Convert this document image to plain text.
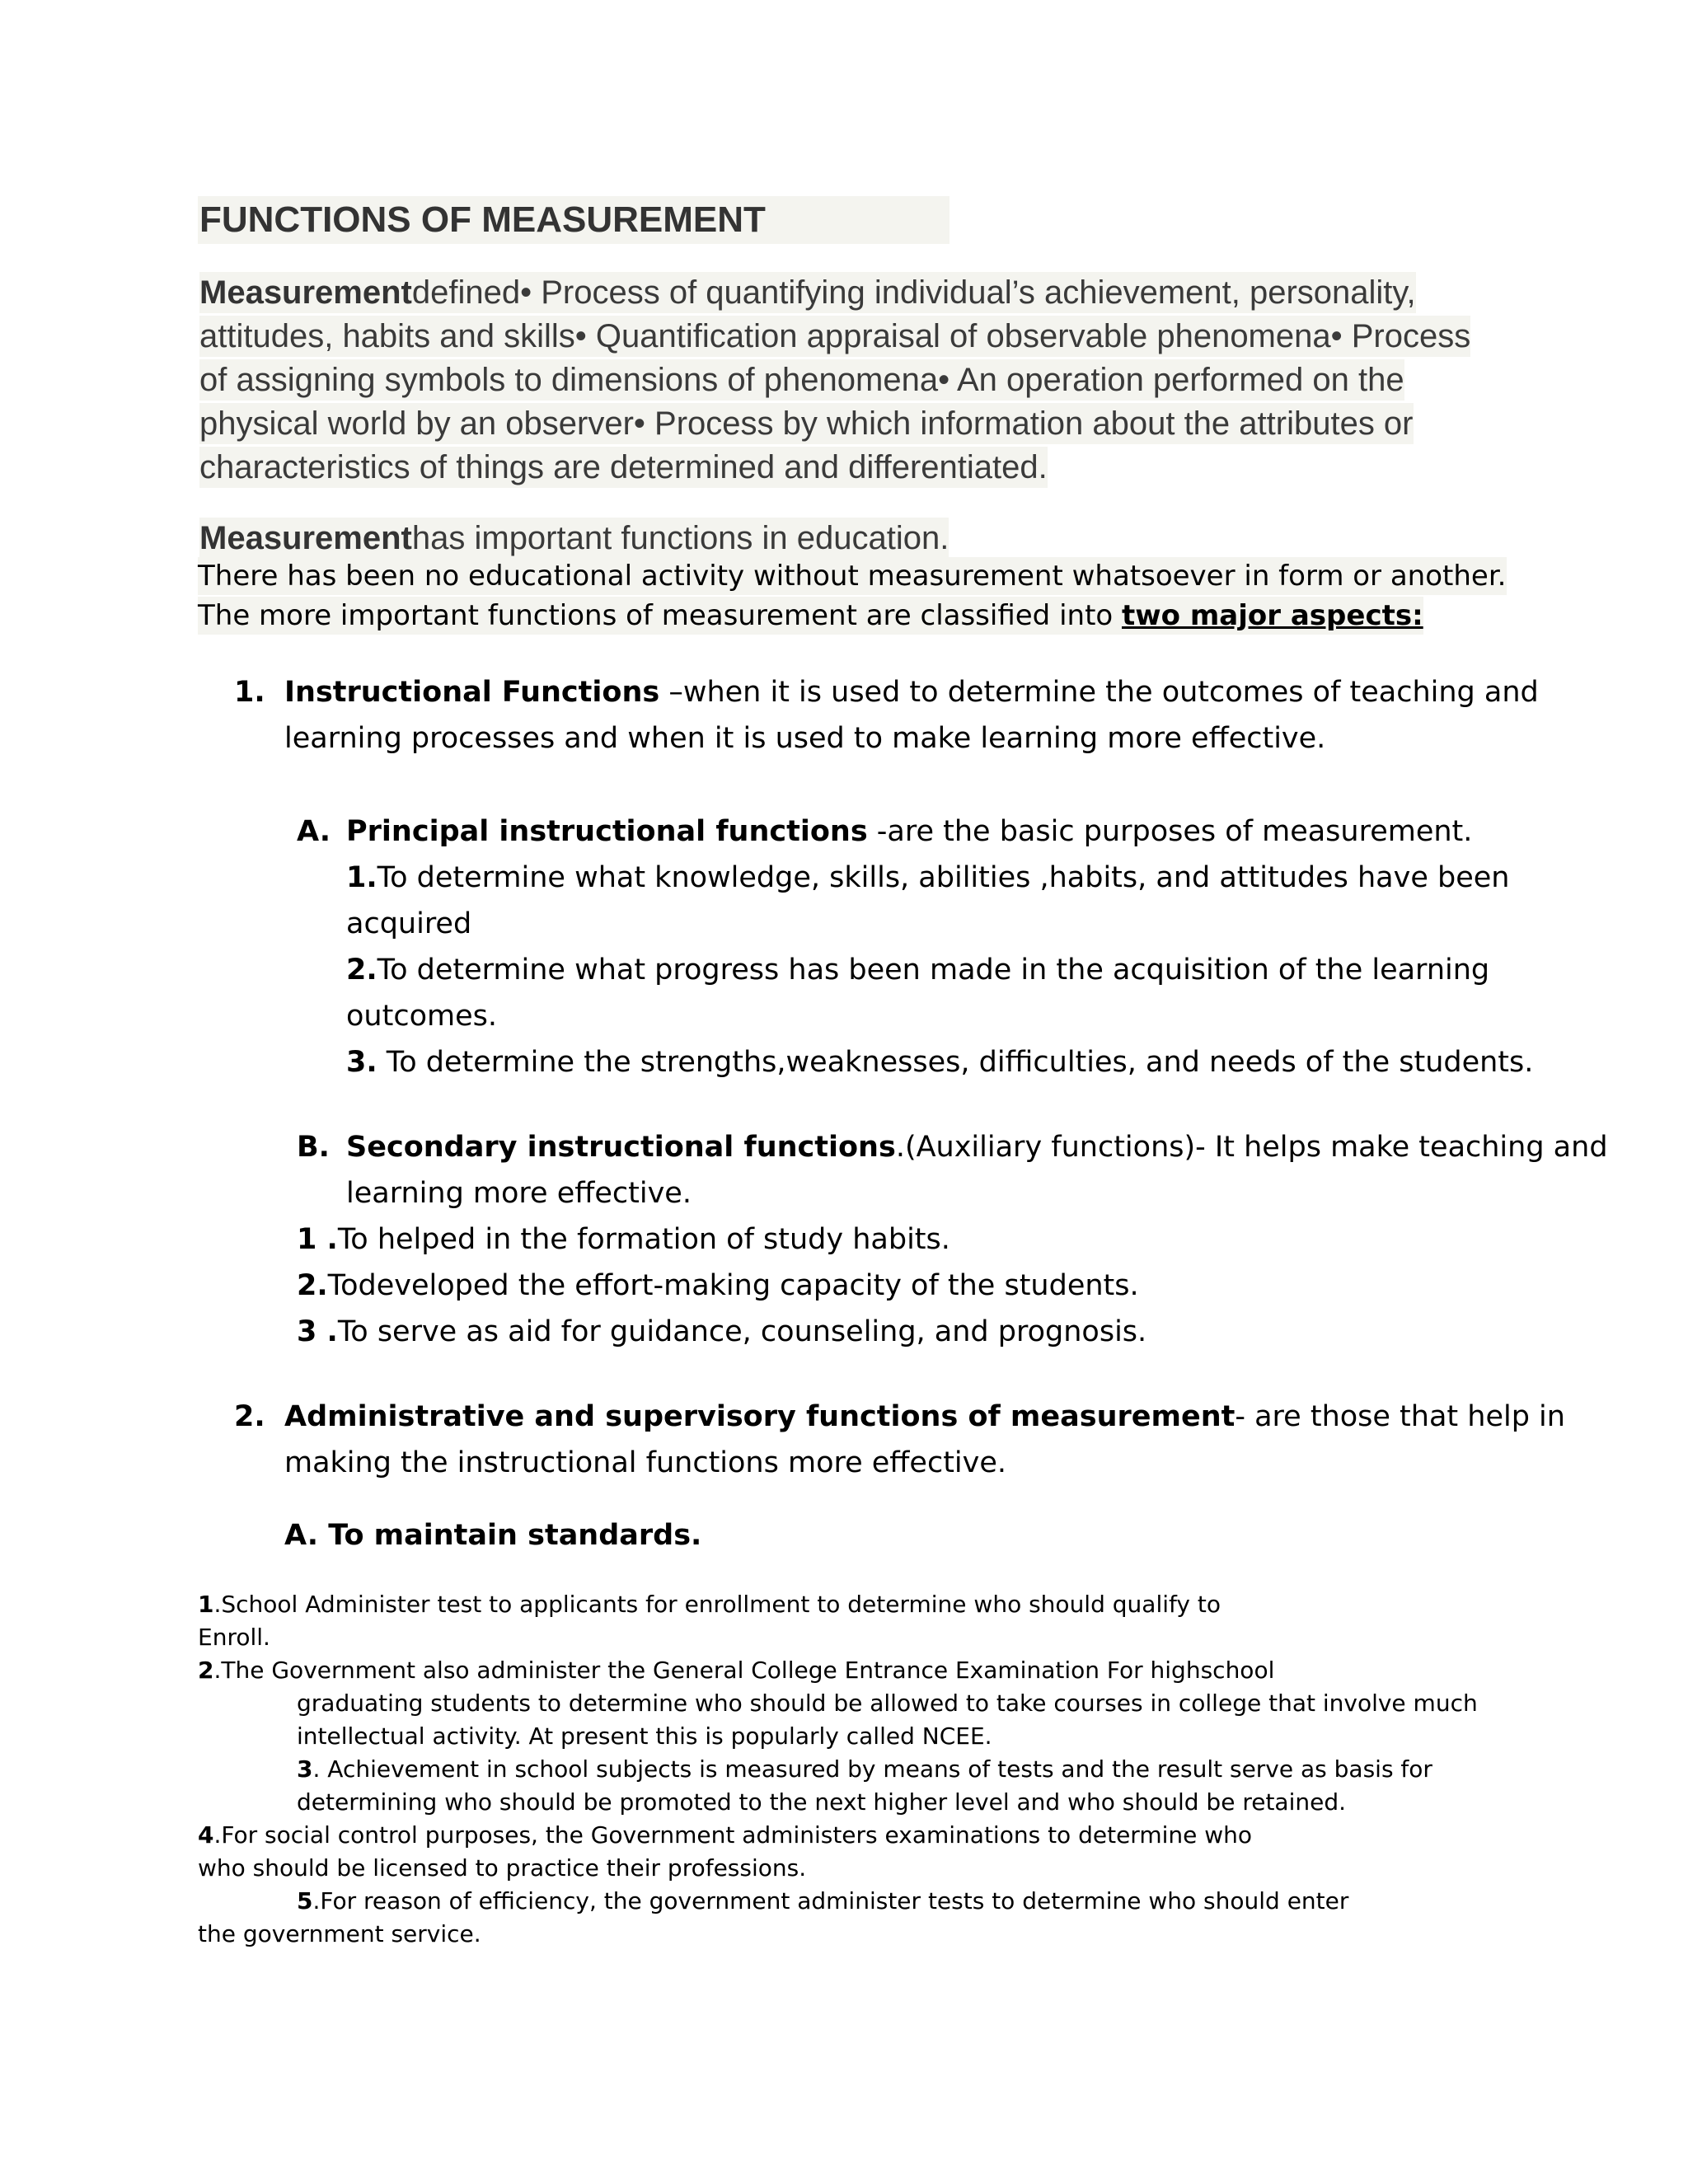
FUNCTIONS OF MEASUREMENT
Measurementdefined• Process of quantifying individual’s achievement, personality,
attitudes, habits and skills• Quantification appraisal of observable phenomena• Process
of assigning symbols to dimensions of phenomena• An operation performed on the
physical world by an observer• Process by which information about the attributes or
characteristics of things are determined and differentiated.
Measurementhas important functions in education.
There has been no educational activity without measurement whatsoever in form or another.
The more important functions of measurement are classified into two major aspects:
1. Instructional Functions –when it is used to determine the outcomes of teaching and
learning processes and when it is used to make learning more effective.
A. Principal instructional functions -are the basic purposes of measurement.
1.To determine what knowledge, skills, abilities ,habits, and attitudes have been
acquired
2.To determine what progress has been made in the acquisition of the learning
outcomes.
3. To determine the strengths,weaknesses, difficulties, and needs of the students.
B. Secondary instructional functions.(Auxiliary functions)- It helps make teaching and
learning more effective.
1 .To helped in the formation of study habits.
2.Todeveloped the effort-making capacity of the students.
3 .To serve as aid for guidance, counseling, and prognosis.
2. Administrative and supervisory functions of measurement- are those that help in
making the instructional functions more effective.
A. To maintain standards.
1.School Administer test to applicants for enrollment to determine who should qualify to
Enroll.
2.The Government also administer the General College Entrance Examination For highschool
graduating students to determine who should be allowed to take courses in college that involve much
intellectual activity. At present this is popularly called NCEE.
3. Achievement in school subjects is measured by means of tests and the result serve as basis for
determining who should be promoted to the next higher level and who should be retained.
4.For social control purposes, the Government administers examinations to determine who
who should be licensed to practice their professions.
5.For reason of efficiency, the government administer tests to determine who should enter
the government service.
